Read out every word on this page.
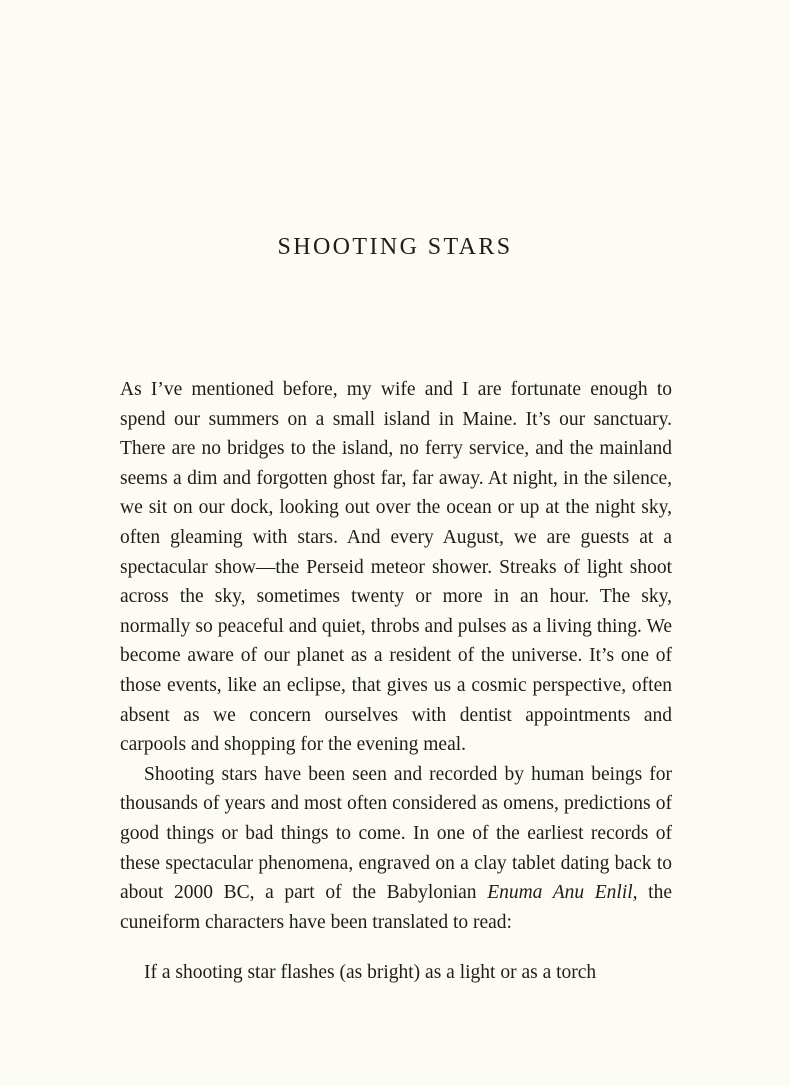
SHOOTING STARS

As I’ve mentioned before, my wife and I are fortunate enough to spend our summers on a small island in Maine. It’s our sanctuary. There are no bridges to the island, no ferry service, and the mainland seems a dim and forgotten ghost far, far away. At night, in the silence, we sit on our dock, looking out over the ocean or up at the night sky, often gleaming with stars. And every August, we are guests at a spectacular show—the Perseid meteor shower. Streaks of light shoot across the sky, sometimes twenty or more in an hour. The sky, normally so peaceful and quiet, throbs and pulses as a living thing. We become aware of our planet as a resident of the universe. It’s one of those events, like an eclipse, that gives us a cosmic perspective, often absent as we concern ourselves with dentist appointments and carpools and shopping for the evening meal.

Shooting stars have been seen and recorded by human beings for thousands of years and most often considered as omens, predictions of good things or bad things to come. In one of the earliest records of these spectacular phenomena, engraved on a clay tablet dating back to about 2000 BC, a part of the Babylonian Enuma Anu Enlil, the cuneiform characters have been translated to read:

If a shooting star flashes (as bright) as a light or as a torch
